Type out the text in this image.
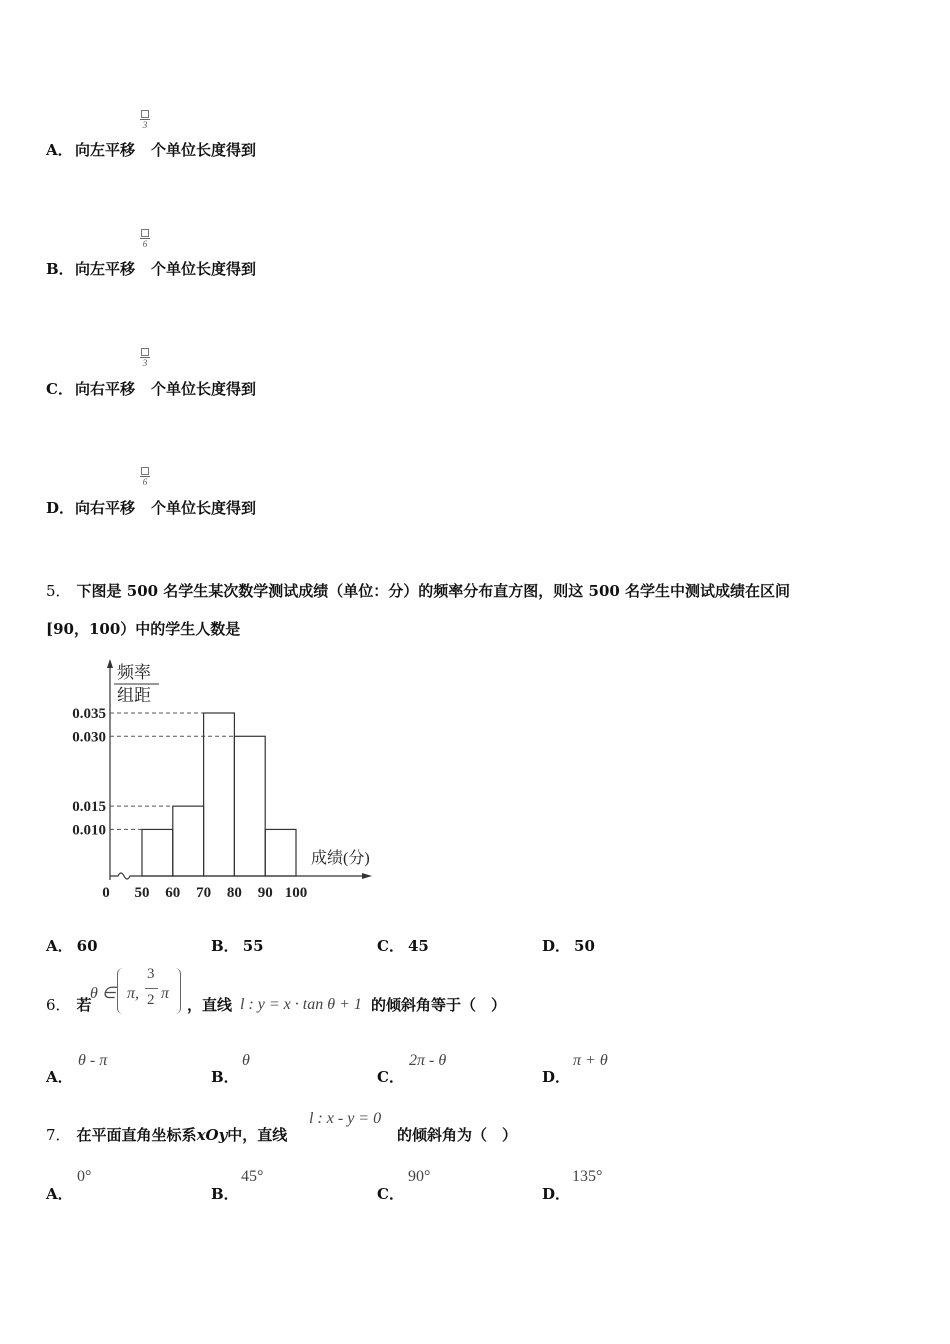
3
A． 向左平移 个单位长度得到
6
B． 向左平移 个单位长度得到
3
C． 向右平移 个单位长度得到
6
D． 向右平移 个单位长度得到
5． 下图是 500 名学生某次数学测试成绩（单位：分）的频率分布直方图，则这 500 名学生中测试成绩在区间
[90，100）中的学生人数是
频率
组距
0.035
0.030
0.015
0.010
0 50 60 70 80 90 100
成绩(分)
A． 60	B． 55	C． 45	D． 50
6． 若
θ ∈ π,
3
2 π
，直线 l : y = x · tan θ + 1 的倾斜角等于（　）
A．
θ - π
B．
θ
C．
2π - θ
D．
π + θ
7． 在平面直角坐标系xOy中，直线
l : x - y = 0
的倾斜角为（　）
A．
0°
B．
45°
C．
90°
D．
135°
